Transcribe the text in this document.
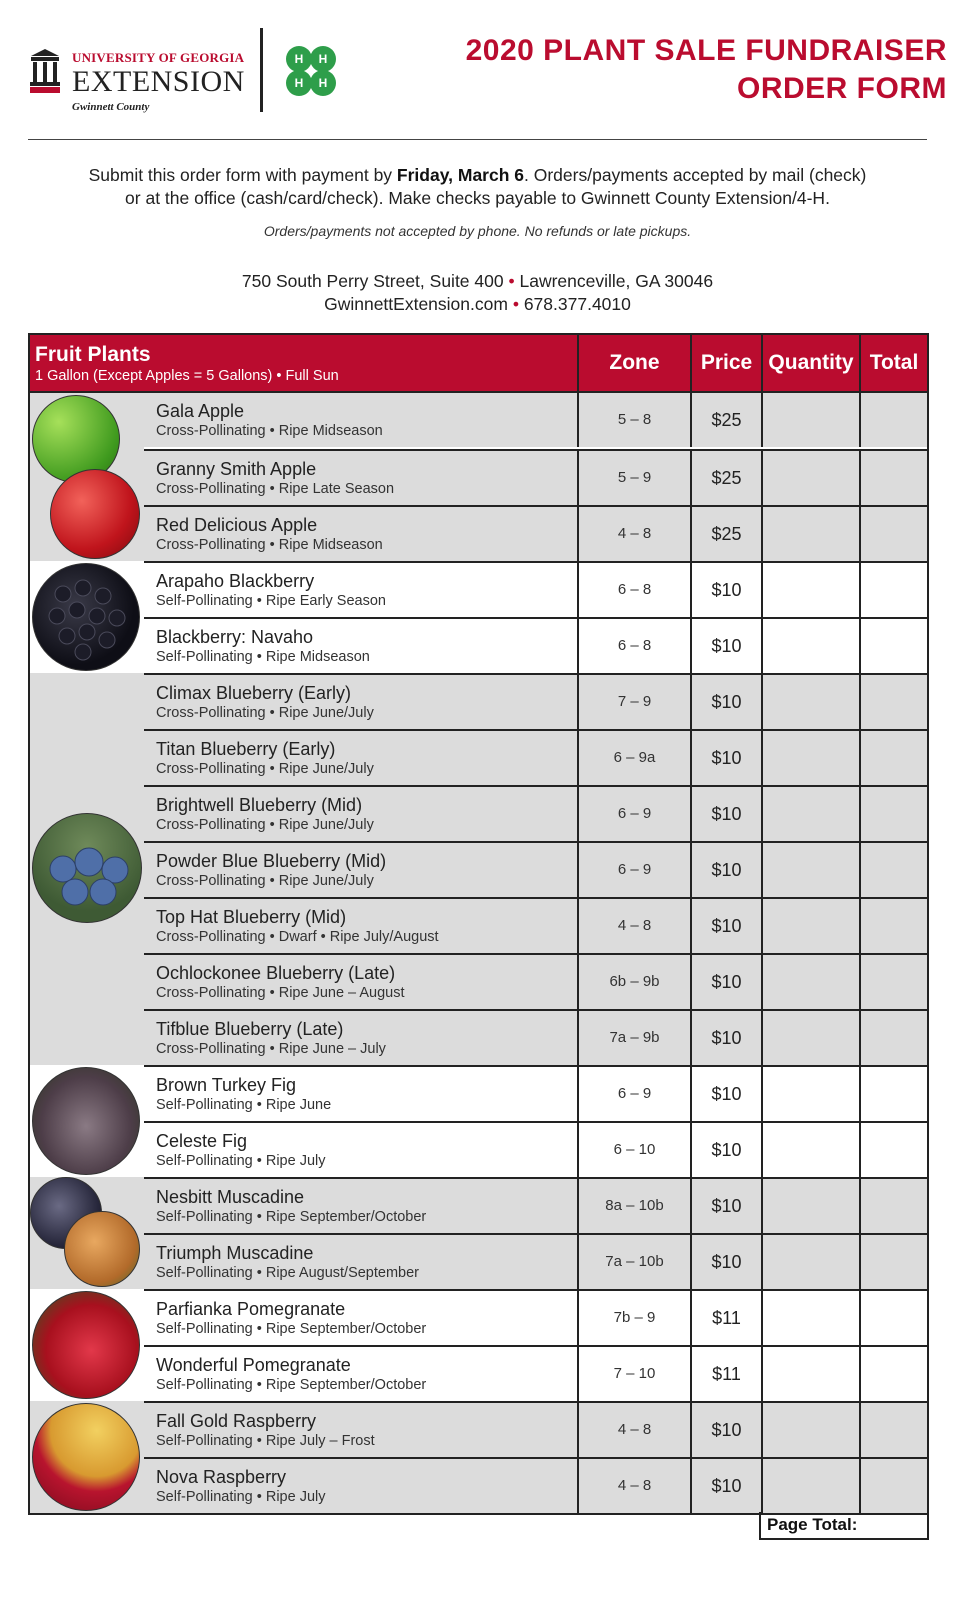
UNIVERSITY OF GEORGIA
EXTENSION
Gwinnett County
H H
H H
2020 PLANT SALE FUNDRAISER
ORDER FORM
Submit this order form with payment by Friday, March 6. Orders/payments accepted by mail (check)
or at the office (cash/card/check). Make checks payable to Gwinnett County Extension/4-H.
Orders/payments not accepted by phone. No refunds or late pickups.
750 South Perry Street, Suite 400 • Lawrenceville, GA 30046
GwinnettExtension.com • 678.377.4010
Fruit Plants
1 Gallon (Except Apples = 5 Gallons) • Full Sun
Zone	Price Quantity Total
Gala Apple
Cross-Pollinating • Ripe Midseason
5 – 8	$25
Granny Smith Apple
Cross-Pollinating • Ripe Late Season
5 – 9	$25
Red Delicious Apple
Cross-Pollinating • Ripe Midseason
4 – 8	$25
Arapaho Blackberry
Self-Pollinating • Ripe Early Season
6 – 8	$10
Blackberry: Navaho
Self-Pollinating • Ripe Midseason
6 – 8	$10
Climax Blueberry (Early)
Cross-Pollinating • Ripe June/July
7 – 9	$10
Titan Blueberry (Early)
Cross-Pollinating • Ripe June/July
6 – 9a	$10
Brightwell Blueberry (Mid)
Cross-Pollinating • Ripe June/July
6 – 9	$10
Powder Blue Blueberry (Mid)
Cross-Pollinating • Ripe June/July
6 – 9	$10
Top Hat Blueberry (Mid)
Cross-Pollinating • Dwarf • Ripe July/August
4 – 8	$10
Ochlockonee Blueberry (Late)
Cross-Pollinating • Ripe June – August
6b – 9b	$10
Tifblue Blueberry (Late)
Cross-Pollinating • Ripe June – July
7a – 9b	$10
Brown Turkey Fig
Self-Pollinating • Ripe June
6 – 9	$10
Celeste Fig
Self-Pollinating • Ripe July
6 – 10	$10
Nesbitt Muscadine
Self-Pollinating • Ripe September/October
8a – 10b	$10
Triumph Muscadine
Self-Pollinating • Ripe August/September
7a – 10b	$10
Parfianka Pomegranate
Self-Pollinating • Ripe September/October
7b – 9	$11
Wonderful Pomegranate
Self-Pollinating • Ripe September/October
7 – 10	$11
Fall Gold Raspberry
Self-Pollinating • Ripe July – Frost
4 – 8	$10
Nova Raspberry
Self-Pollinating • Ripe July
4 – 8	$10
Page Total:
